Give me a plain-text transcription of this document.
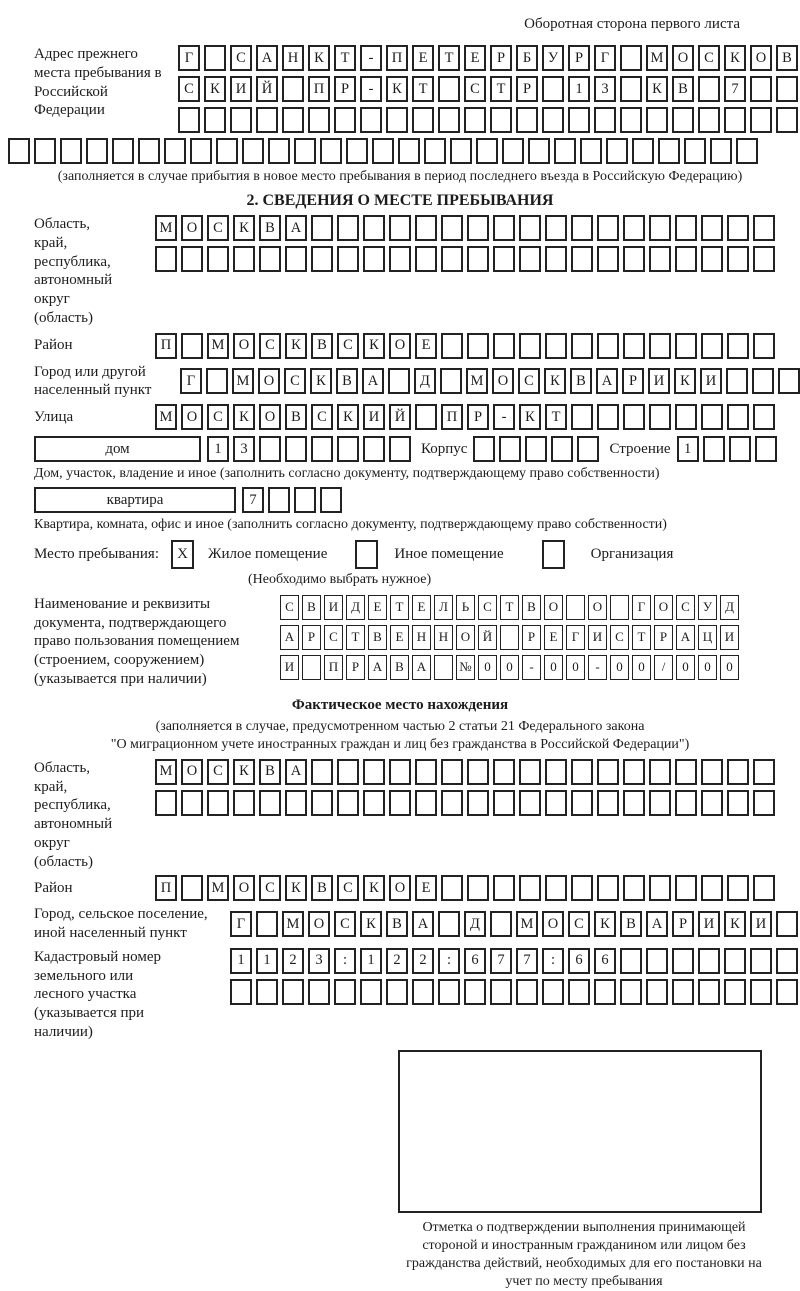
Оборотная сторона первого листа
Адрес прежнего места пребывания в Российской Федерации
Г	С	А	Н	К	Т	-	П	Е	Т	Е	Р	Б	У	Р	Г	М О	С	К	О	В
С	К	И	Й	П	Р	-	К	Т	С	Т	Р	1	3	К	В	7
(заполняется в случае прибытия в новое место пребывания в период последнего въезда в Российскую Федерацию)
2. СВЕДЕНИЯ О МЕСТЕ ПРЕБЫВАНИЯ
Область, край, республика, автономный округ (область)
М О	С	К	В	А
Район	П	М О	С	К	В	С	К	О	Е
Город или другой населенный пункт
Г	М О	С	К	В	А	Д	М О	С	К	В	А	Р	И	К	И
Улица	М О	С	К	О	В	С	К	И	Й	П	Р	-	К	Т
дом	1	3	Корпус	Строение 1
Дом, участок, владение и иное (заполнить согласно документу, подтверждающему право собственности)
квартира	7
Квартира, комната, офис и иное (заполнить согласно документу, подтверждающему право собственности)
Место пребывания:	X	Жилое помещение	Иное помещение	Организация
(Необходимо выбрать нужное)
Наименование и реквизиты документа, подтверждающего право пользования помещением (строением, сооружением) (указывается при наличии)
С	В И Д	Е	Т	Е	Л	Ь	С	Т	В О	О	Г	О С	У Д
А	Р	С	Т	В	Е	Н Н О Й	Р	Е	Г	И С	Т	Р	А Ц И
И	П	Р	А В А	№ 0	0	-	0	0	-	0	0	/	0	0	0
Фактическое место нахождения
(заполняется в случае, предусмотренном частью 2 статьи 21 Федерального закона
"О миграционном учете иностранных граждан и лиц без гражданства в Российской Федерации")
Область, край, республика, автономный округ (область)
М О	С	К	В	А
Район	П	М О	С	К	В	С	К	О	Е
Город, сельское поселение, иной населенный пункт
Г	М О	С	К	В	А	Д	М О	С	К	В	А	Р	И	К	И
Кадастровый номер земельного или лесного участка (указывается при наличии)
1	1	2	3	:	1	2	2	:	6	7	7	:	6	6
Отметка о подтверждении выполнения принимающей стороной и иностранным гражданином или лицом без гражданства действий, необходимых для его постановки на учет по месту пребывания
